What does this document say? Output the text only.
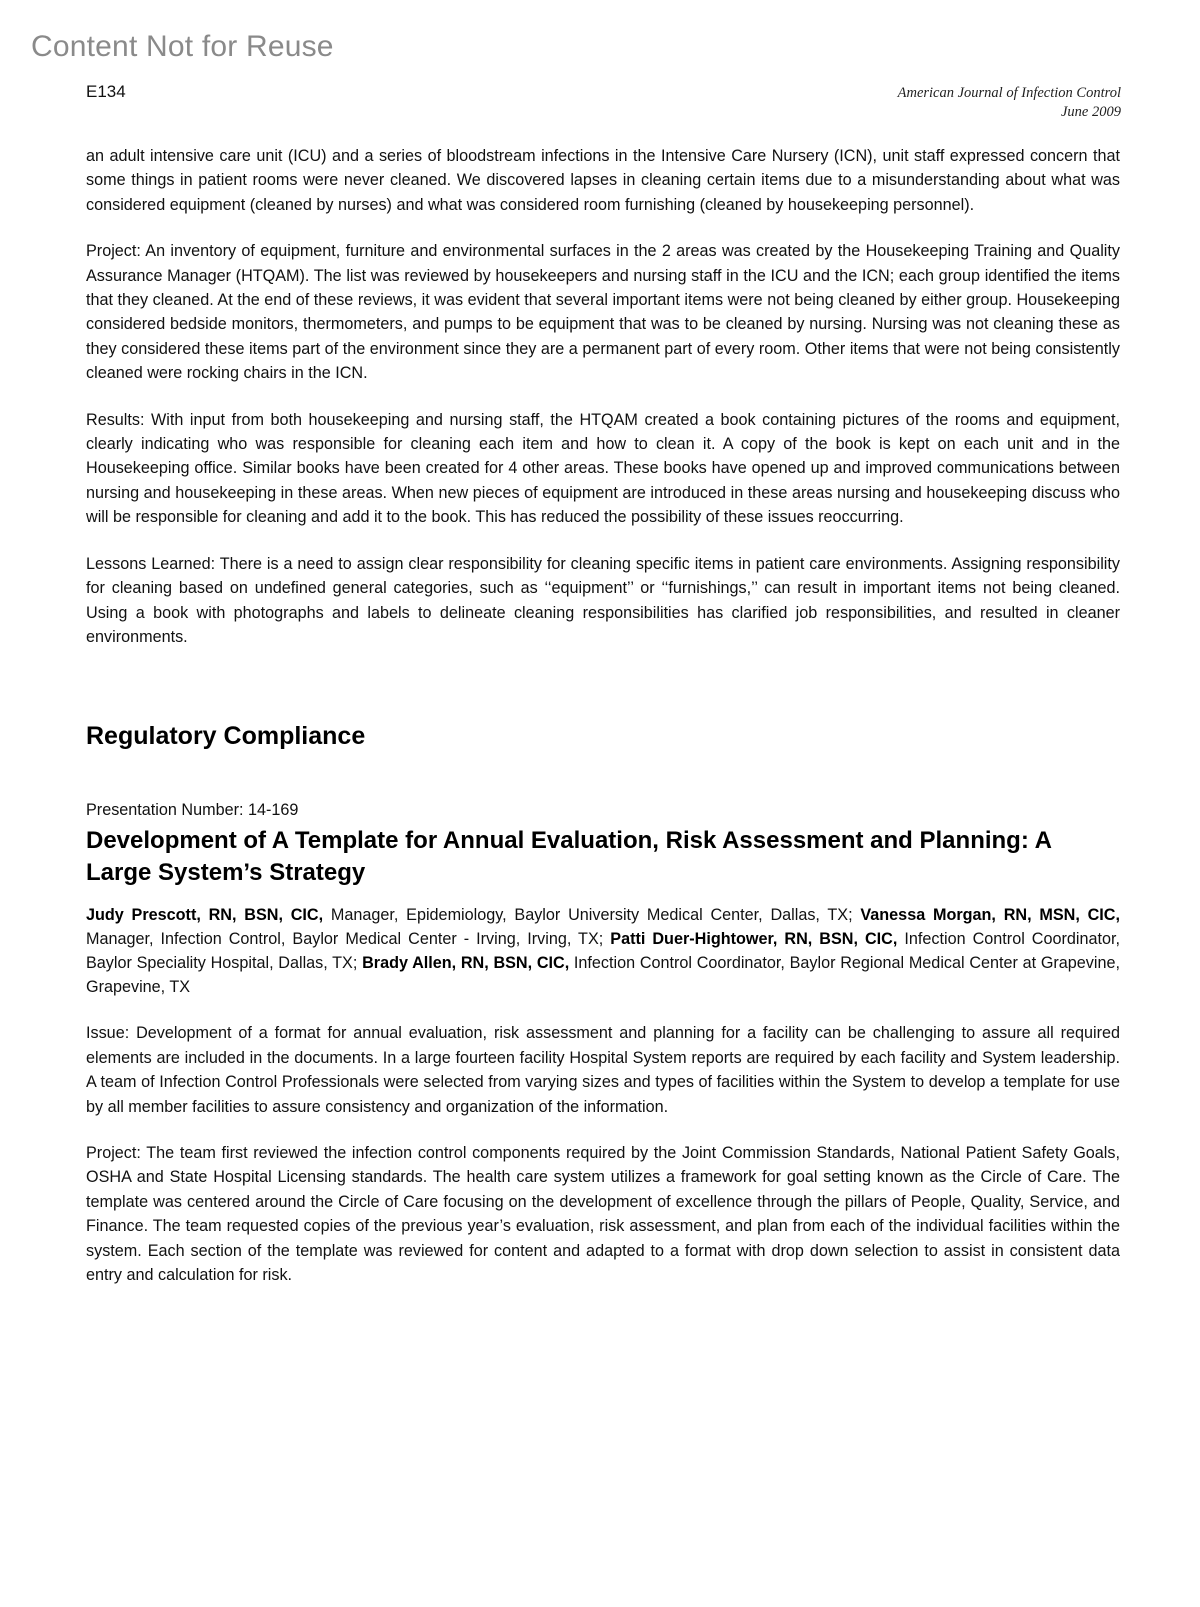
Content Not for Reuse
E134	American Journal of Infection Control
June 2009

an adult intensive care unit (ICU) and a series of bloodstream infections in the Intensive Care Nursery (ICN), unit staff expressed concern that some things in patient rooms were never cleaned. We discovered lapses in cleaning certain items due to a misunderstanding about what was considered equipment (cleaned by nurses) and what was considered room furnishing (cleaned by housekeeping personnel).

Project: An inventory of equipment, furniture and environmental surfaces in the 2 areas was created by the Housekeeping Training and Quality Assurance Manager (HTQAM). The list was reviewed by housekeepers and nursing staff in the ICU and the ICN; each group identified the items that they cleaned. At the end of these reviews, it was evident that several important items were not being cleaned by either group. Housekeeping considered bedside monitors, thermometers, and pumps to be equipment that was to be cleaned by nursing. Nursing was not cleaning these as they considered these items part of the environment since they are a permanent part of every room. Other items that were not being consistently cleaned were rocking chairs in the ICN.

Results: With input from both housekeeping and nursing staff, the HTQAM created a book containing pictures of the rooms and equipment, clearly indicating who was responsible for cleaning each item and how to clean it. A copy of the book is kept on each unit and in the Housekeeping office. Similar books have been created for 4 other areas. These books have opened up and improved communications between nursing and housekeeping in these areas. When new pieces of equipment are introduced in these areas nursing and housekeeping discuss who will be responsible for cleaning and add it to the book. This has reduced the possibility of these issues reoccurring.

Lessons Learned: There is a need to assign clear responsibility for cleaning specific items in patient care environments. Assigning responsibility for cleaning based on undefined general categories, such as ‘‘equipment’’ or ‘‘furnishings,’’ can result in important items not being cleaned. Using a book with photographs and labels to delineate cleaning responsibilities has clarified job responsibilities, and resulted in cleaner environments.

Regulatory Compliance
Presentation Number: 14-169
Development of A Template for Annual Evaluation, Risk Assessment and Planning: A Large System’s Strategy

Judy Prescott, RN, BSN, CIC, Manager, Epidemiology, Baylor University Medical Center, Dallas, TX; Vanessa Morgan, RN, MSN, CIC, Manager, Infection Control, Baylor Medical Center - Irving, Irving, TX; Patti Duer-Hightower, RN, BSN, CIC, Infection Control Coordinator, Baylor Speciality Hospital, Dallas, TX; Brady Allen, RN, BSN, CIC, Infection Control Coordinator, Baylor Regional Medical Center at Grapevine, Grapevine, TX

Issue: Development of a format for annual evaluation, risk assessment and planning for a facility can be challenging to assure all required elements are included in the documents. In a large fourteen facility Hospital System reports are required by each facility and System leadership. A team of Infection Control Professionals were selected from varying sizes and types of facilities within the System to develop a template for use by all member facilities to assure consistency and organization of the information.

Project: The team first reviewed the infection control components required by the Joint Commission Standards, National Patient Safety Goals, OSHA and State Hospital Licensing standards. The health care system utilizes a framework for goal setting known as the Circle of Care. The template was centered around the Circle of Care focusing on the development of excellence through the pillars of People, Quality, Service, and Finance. The team requested copies of the previous year’s evaluation, risk assessment, and plan from each of the individual facilities within the system. Each section of the template was reviewed for content and adapted to a format with drop down selection to assist in consistent data entry and calculation for risk.
